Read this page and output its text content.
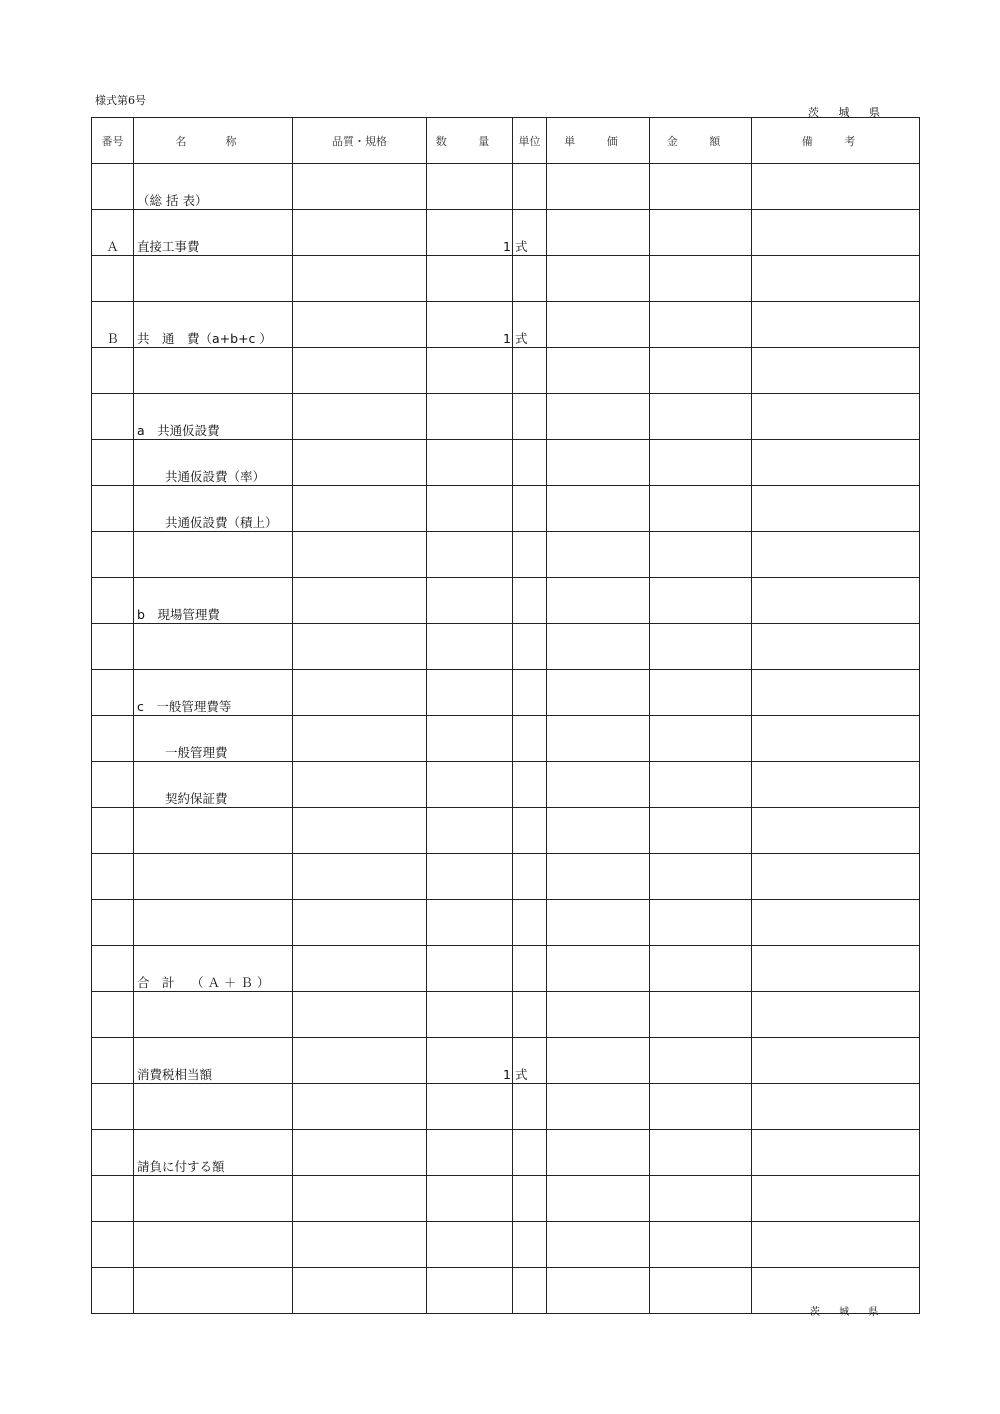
様式第6号
茨 城 県
番号	名　称	品質・規格	数 量	単位	単 価	金 額	備 考

	（総 括 表）						

Ａ	直接工事費		1	式			

Ｂ	共　通　費（a+b+c ）		1	式			

	a　共通仮設費						

	共通仮設費（率）						

	共通仮設費（積上）						

	b　現場管理費						

	c　一般管理費等						

	一般管理費						

	契約保証費						

	合　計　 （ Ａ ＋ Ｂ ）						

	消費税相当額		1	式			

	請負に付する額						

茨 城 県
